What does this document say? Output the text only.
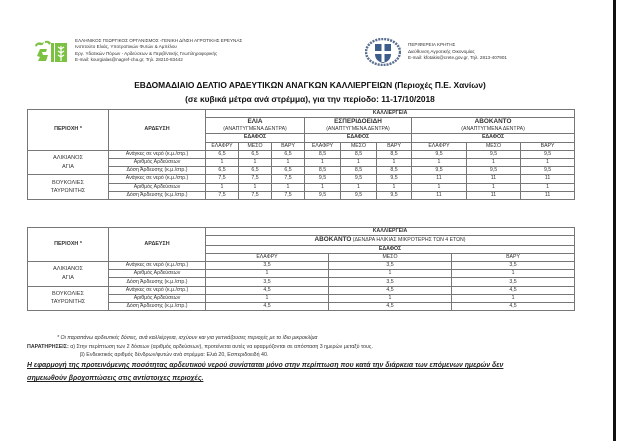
ΕΛΛΗΝΙΚΟΣ ΓΕΩΡΓΙΚΟΣ ΟΡΓΑΝΙΣΜΟΣ -ΓΕΝΙΚΗ Δ/ΝΣΗ ΑΓΡΟΤΙΚΗΣ ΕΡΕΥΝΑΣ
Ινστιτούτο Ελιάς, Υποτροπικών Φυτών & Αμπέλου
Εργ. Υδατικών Πόρων - Αρδεύσεων & Περιβ/ντικής Γεωπληροφορικής
E-mail: kourgialas@nagref-cha.gr, Τηλ. 28210-83442
ΠΕΡΙΦΕΡΕΙΑ ΚΡΗΤΗΣ
Διεύθυνση Αγροτικής Οικονομίας
E-mail: kfotakis@crete.gov.gr, Τηλ. 2813-407901
ΕΒΔΟΜΑΔΙΑΙΟ ΔΕΛΤΙΟ ΑΡΔΕΥΤΙΚΩΝ ΑΝΑΓΚΩΝ ΚΑΛΛΙΕΡΓΕΙΩΝ (Περιοχές Π.Ε. Χανίων)
(σε κυβικά μέτρα ανά στρέμμα), για την περίοδο: 11-17/10/2018
ΠΕΡΙΟΧΗ *	ΑΡΔΕΥΣΗ	ΚΑΛΛΙΕΡΓΕΙΑ								
		ΕΛΙΑ			ΕΣΠΕΡΙΔΟΕΙΔΗ			ΑΒΟΚΑΝΤΟ		
		(ΑΝΑΠΤΥΓΜΕΝΑ ΔΕΝΤΡΑ)			(ΑΝΑΠΤΥΓΜΕΝΑ ΔΕΝΤΡΑ)			(ΑΝΑΠΤΥΓΜΕΝΑ ΔΕΝΤΡΑ)		
		ΕΔΑΦΟΣ			ΕΔΑΦΟΣ			ΕΔΑΦΟΣ		
		ΕΛΑΦΡΥ	ΜΕΣΟ	ΒΑΡΥ	ΕΛΑΦΡΥ	ΜΕΣΟ	ΒΑΡΥ	ΕΛΑΦΡΥ	ΜΕΣΟ	ΒΑΡΥ

ΑΛΙΚΙΑΝΟΣ
ΑΓΙΑ	Ανάγκες σε νερό (κ.μ./στρ.)	6,5	6,5	6,5	8,5	8,5	8,5	9,5	9,5	9,5
	Αριθμός Αρδεύσεων	1	1	1	1	1	1	1	1	1
	Δόση Άρδευσης (κ.μ./στρ.)	6,5	6,5	6,5	8,5	8,5	8,5	9,5	9,5	9,5

ΒΟΥΚΟΛΙΕΣ
ΤΑΥΡΩΝΙΤΗΣ	Ανάγκες σε νερό (κ.μ./στρ.)	7,5	7,5	7,5	9,5	9,5	9,5	11	11	11
	Αριθμός Αρδεύσεων	1	1	1	1	1	1	1	1	1
	Δόση Άρδευσης (κ.μ./στρ.)	7,5	7,5	7,5	9,5	9,5	9,5	11	11	11
ΠΕΡΙΟΧΗ *	ΑΡΔΕΥΣΗ	ΚΑΛΛΙΕΡΓΕΙΑ		
		ΑΒΟΚΑΝΤΟ (ΔΕΝΔΡΑ ΗΛΙΚΙΑΣ ΜΙΚΡΟΤΕΡΗΣ ΤΩΝ 4 ΕΤΩΝ)		
		ΕΔΑΦΟΣ		
		ΕΛΑΦΡΥ	ΜΕΣΟ	ΒΑΡΥ

ΑΛΙΚΙΑΝΟΣ
ΑΓΙΑ	Ανάγκες σε νερό (κ.μ./στρ.)	3,5	3,5	3,5
	Αριθμός Αρδεύσεων	1	1	1
	Δόση Άρδευσης (κ.μ./στρ.)	3,5	3,5	3,5

ΒΟΥΚΟΛΙΕΣ
ΤΑΥΡΩΝΙΤΗΣ	Ανάγκες σε νερό (κ.μ./στρ.)	4,5	4,5	4,5
	Αριθμός Αρδεύσεων	1	1	1
	Δόση Άρδευσης (κ.μ./στρ.)	4,5	4,5	4,5
* Οι παραπάνω αρδευτικές δόσεις, ανά καλλιέργεια, ισχύουν και για γειτνιάζουσες περιοχές με το ίδιο μικροκλίμα
ΠΑΡΑΤΗΡΗΣΕΙΣ: α) Στην περίπτωση των 2 δόσεων (αριθμός αρδεύσεων), προτείνεται αυτές να εφαρμόζονται σε απόσταση 3 ημερών μεταξύ τους.
β) Ενδεικτικός αριθμός δένδρων/φυτών ανά στρέμμα: Ελιά 20, Εσπεριδοειδή 40.
Η εφαρμογή της προτεινόμενης ποσότητας αρδευτικού νερού συνίσταται μόνο στην περίπτωση που κατά την διάρκεια των επόμενων ημερών δεν
σημειωθούν βροχοπτώσεις στις αντίστοιχες περιοχές.
